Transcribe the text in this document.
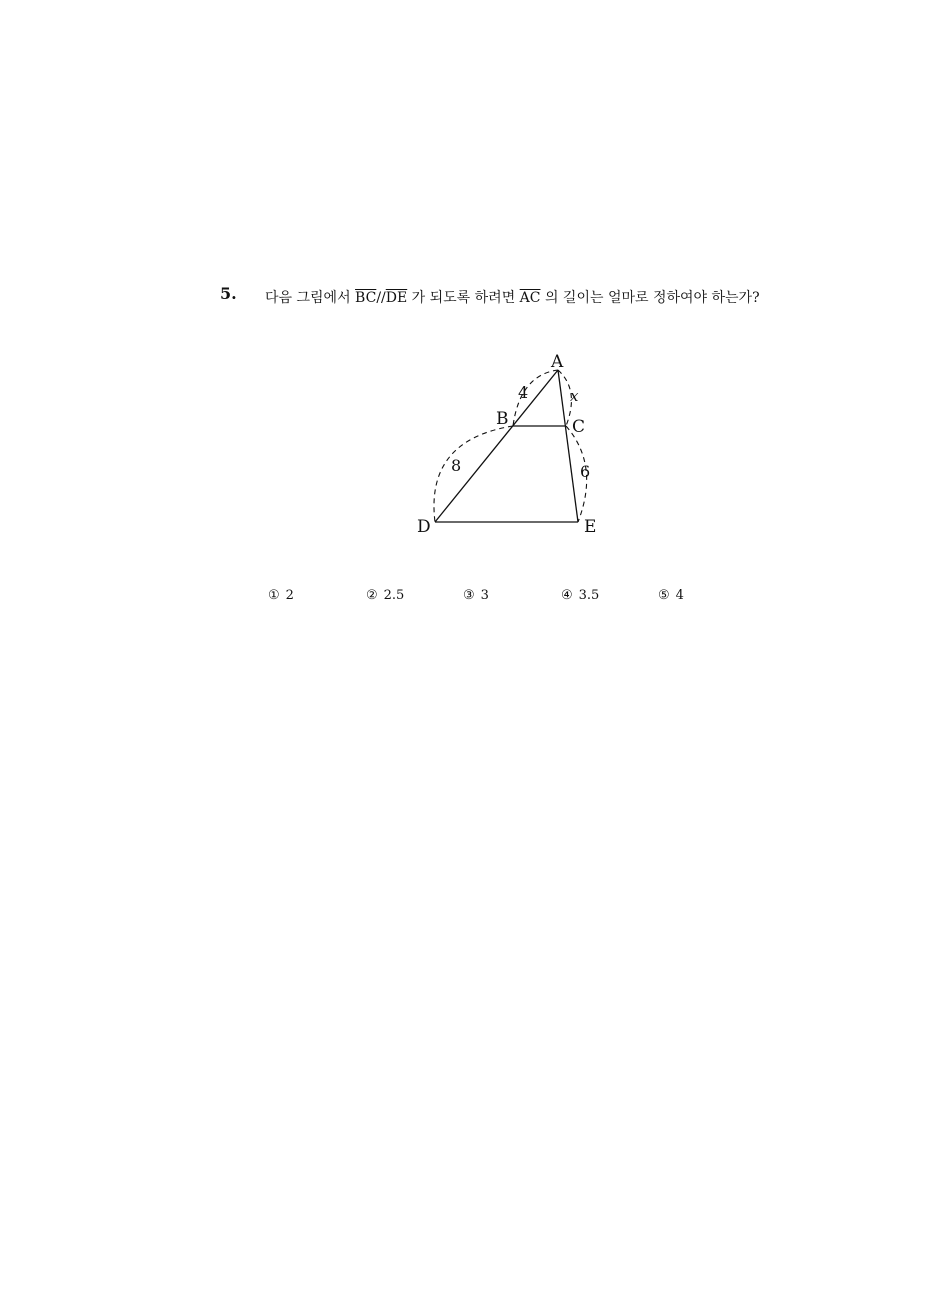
5. 다음 그림에서 $\overline{BC}//\overline{DE}$ 가 되도록 하려면 $\overline{AC}$ 의 길이는 얼마로 정하여야 하는가?
A
B	C
D	E
4
8
x
6
① 2	② 2.5	③ 3	④ 3.5	⑤ 4
